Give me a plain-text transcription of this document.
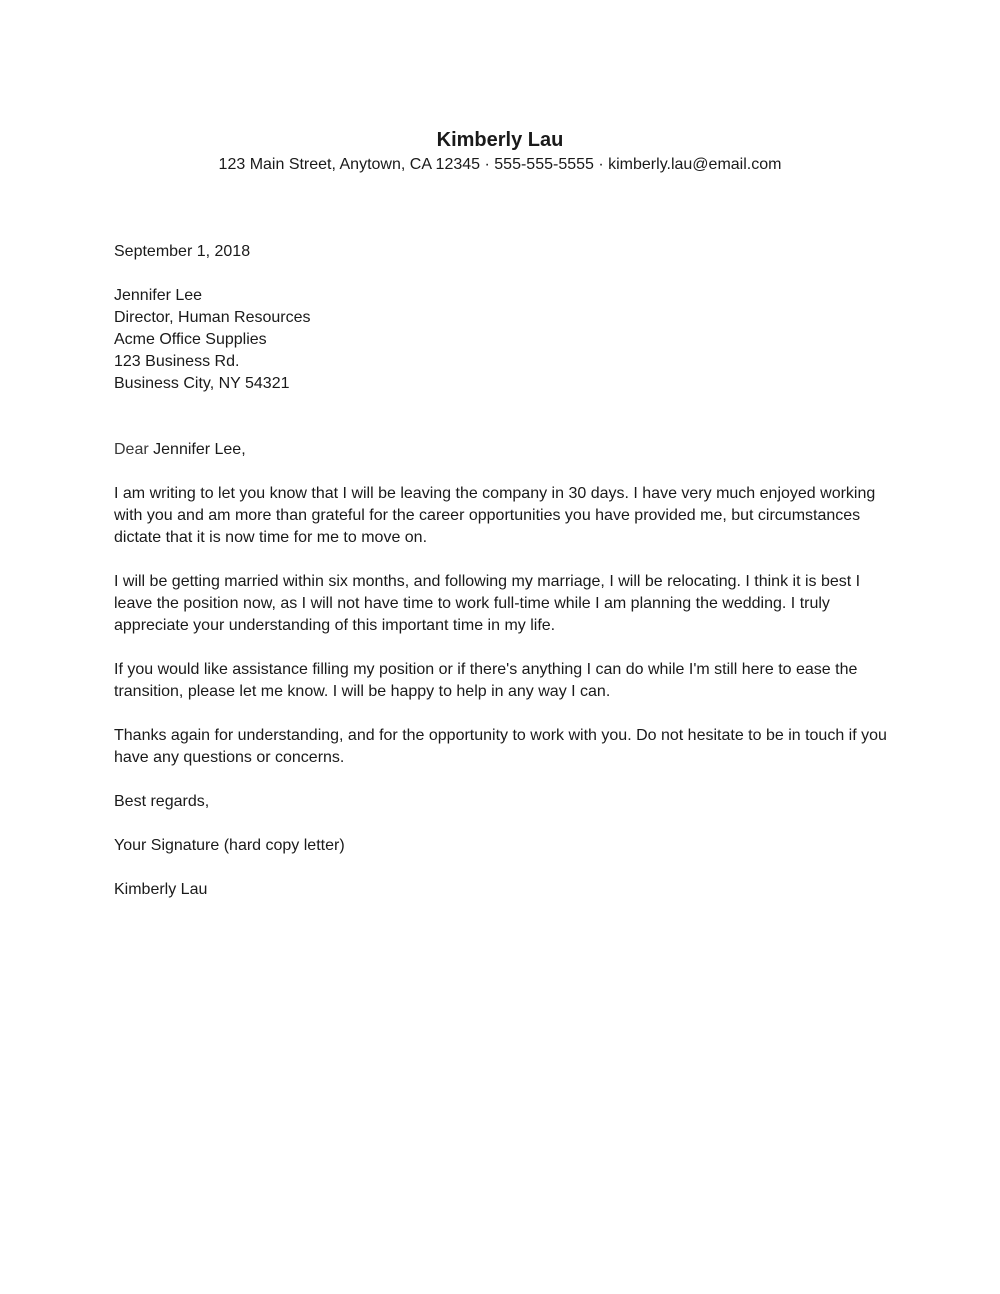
Kimberly Lau

123 Main Street, Anytown, CA 12345 · 555-555-5555 · kimberly.lau@email.com

September 1, 2018

Jennifer Lee

Director, Human Resources

Acme Office Supplies

123 Business Rd.

Business City, NY 54321

Dear Jennifer Lee,

I am writing to let you know that I will be leaving the company in 30 days. I have very much enjoyed working with you and am more than grateful for the career opportunities you have provided me, but circumstances dictate that it is now time for me to move on.

I will be getting married within six months, and following my marriage, I will be relocating. I think it is best I leave the position now, as I will not have time to work full-time while I am planning the wedding. I truly appreciate your understanding of this important time in my life.

If you would like assistance filling my position or if there's anything I can do while I'm still here to ease the transition, please let me know. I will be happy to help in any way I can.

Thanks again for understanding, and for the opportunity to work with you. Do not hesitate to be in touch if you have any questions or concerns.

Best regards,

Your Signature (hard copy letter)

Kimberly Lau
